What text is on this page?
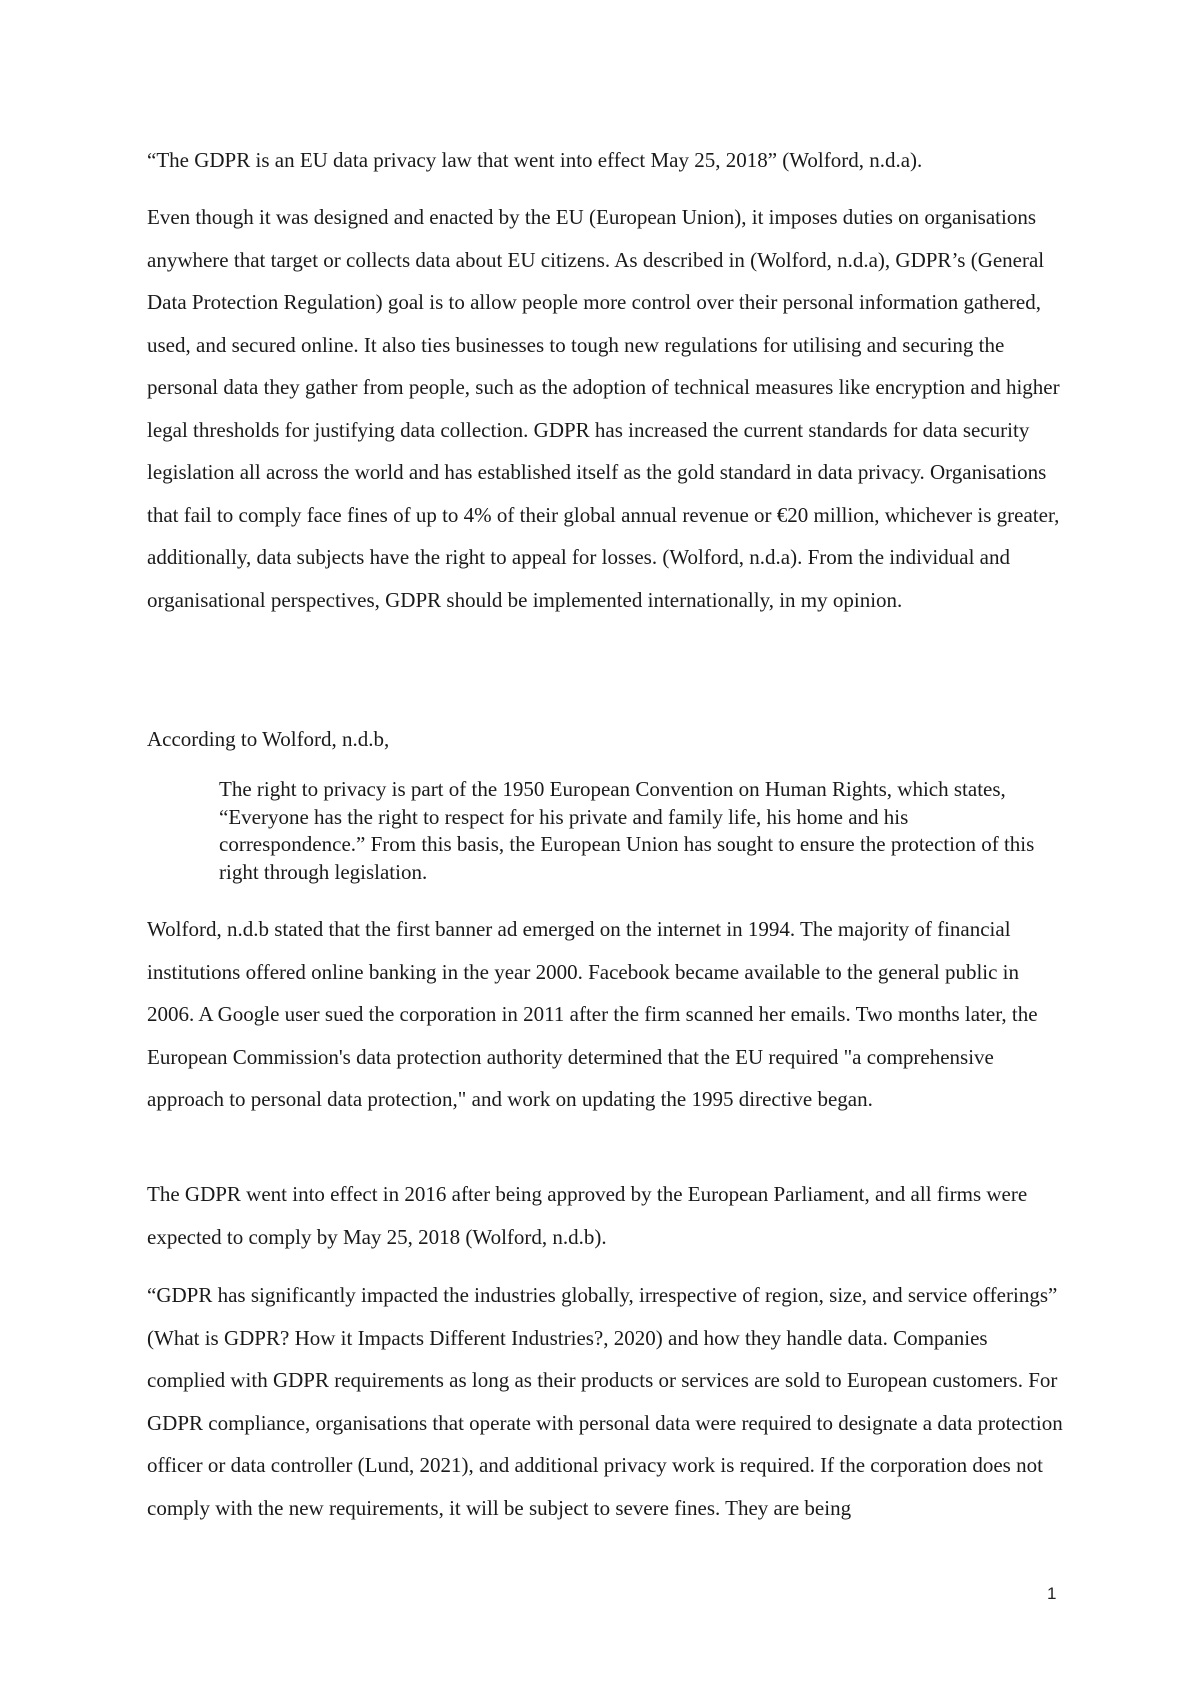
“The GDPR is an EU data privacy law that went into effect May 25, 2018” (Wolford, n.d.a).

Even though it was designed and enacted by the EU (European Union), it imposes duties on organisations anywhere that target or collects data about EU citizens. As described in (Wolford, n.d.a), GDPR’s (General Data Protection Regulation) goal is to allow people more control over their personal information gathered, used, and secured online. It also ties businesses to tough new regulations for utilising and securing the personal data they gather from people, such as the adoption of technical measures like encryption and higher legal thresholds for justifying data collection. GDPR has increased the current standards for data security legislation all across the world and has established itself as the gold standard in data privacy. Organisations that fail to comply face fines of up to 4% of their global annual revenue or €20 million, whichever is greater, additionally, data subjects have the right to appeal for losses. (Wolford, n.d.a). From the individual and organisational perspectives, GDPR should be implemented internationally, in my opinion.

According to Wolford, n.d.b,

The right to privacy is part of the 1950 European Convention on Human Rights, which states, “Everyone has the right to respect for his private and family life, his home and his correspondence.” From this basis, the European Union has sought to ensure the protection of this right through legislation.

Wolford, n.d.b stated that the first banner ad emerged on the internet in 1994. The majority of financial institutions offered online banking in the year 2000. Facebook became available to the general public in 2006. A Google user sued the corporation in 2011 after the firm scanned her emails. Two months later, the European Commission's data protection authority determined that the EU required "a comprehensive approach to personal data protection," and work on updating the 1995 directive began.

The GDPR went into effect in 2016 after being approved by the European Parliament, and all firms were expected to comply by May 25, 2018 (Wolford, n.d.b).

“GDPR has significantly impacted the industries globally, irrespective of region, size, and service offerings” (What is GDPR? How it Impacts Different Industries?, 2020) and how they handle data. Companies complied with GDPR requirements as long as their products or services are sold to European customers. For GDPR compliance, organisations that operate with personal data were required to designate a data protection officer or data controller (Lund, 2021), and additional privacy work is required. If the corporation does not comply with the new requirements, it will be subject to severe fines. They are being

1
